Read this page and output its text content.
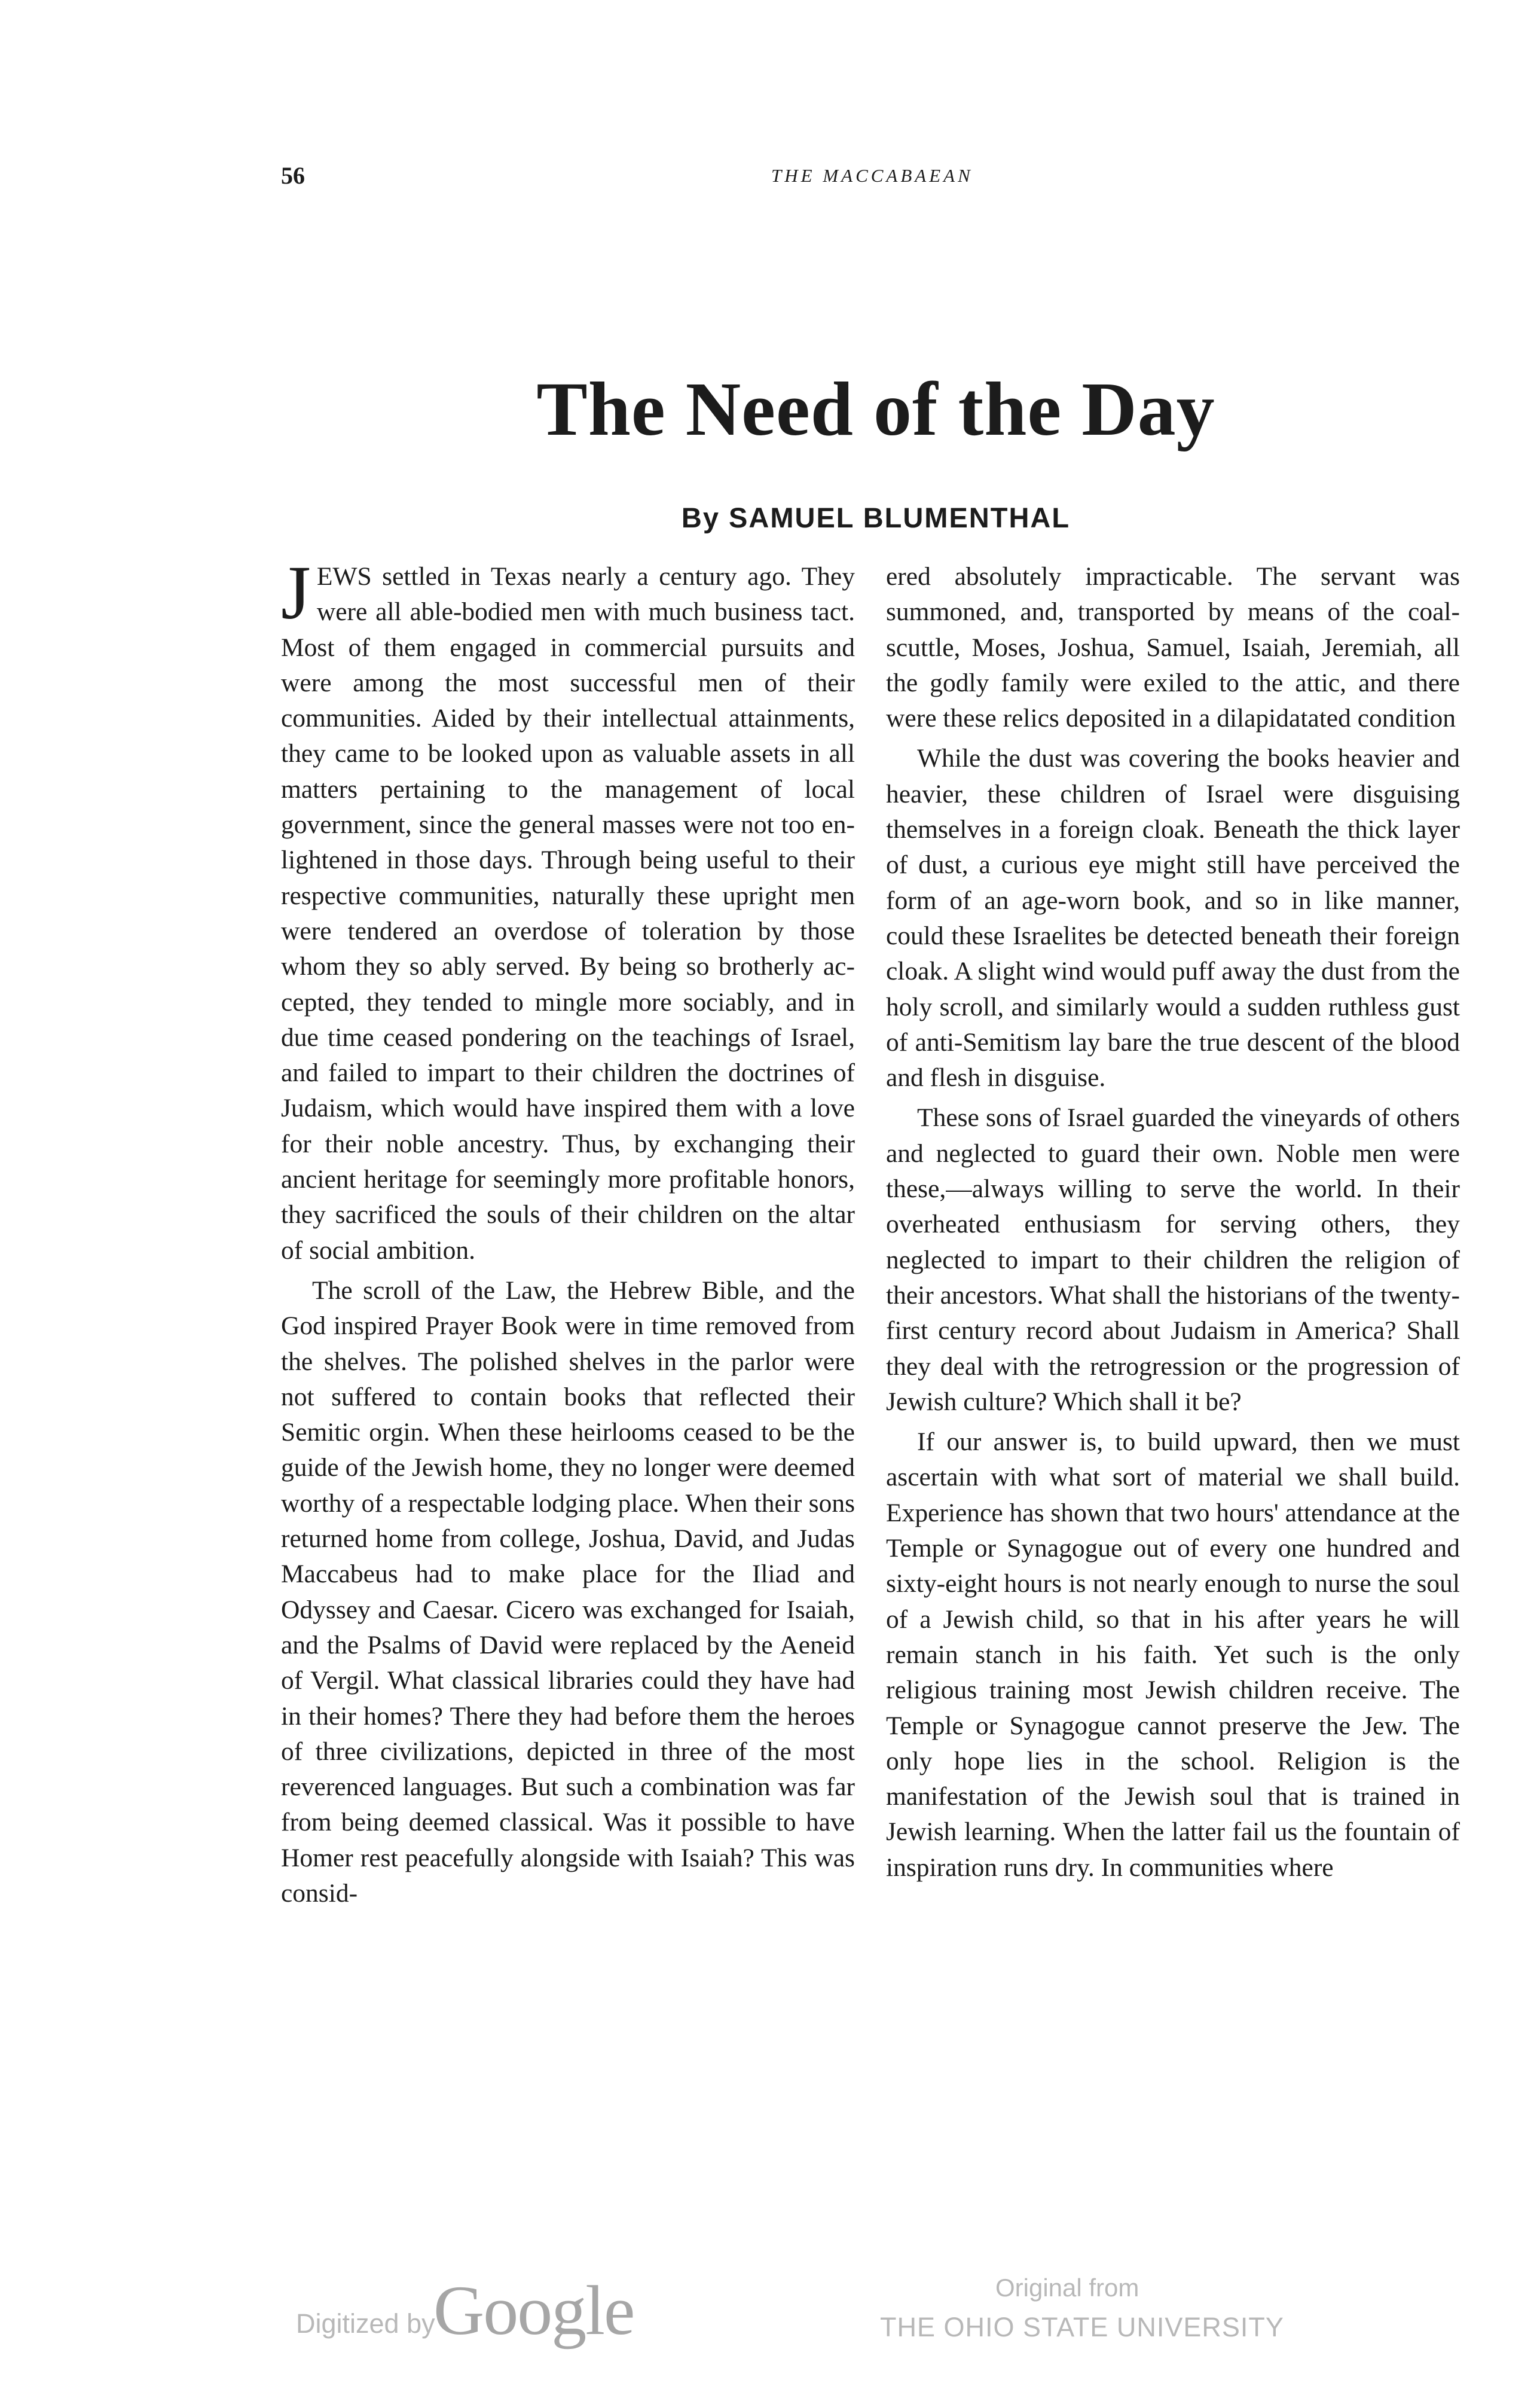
56	THE MACCABAEAN
The Need of the Day
By SAMUEL BLUMENTHAL

JEWS settled in Texas nearly a century ago. They were all able-bodied men with much business tact. Most of them engaged in commercial pursuits and were among the most successful men of their communities. Aided by their intellectual attainments, they came to be looked upon as valuable assets in all matters pertaining to the management of local government, since the general masses were not too enlightened in those days. Through being useful to their respective communities, naturally these upright men were tendered an overdose of toleration by those whom they so ably served. By being so brotherly accepted, they tended to mingle more sociably, and in due time ceased pondering on the teachings of Israel, and failed to impart to their children the doctrines of Judaism, which would have inspired them with a love for their noble ancestry. Thus, by exchanging their ancient heritage for seemingly more profitable honors, they sacrificed the souls of their children on the altar of social ambition.

The scroll of the Law, the Hebrew Bible, and the God inspired Prayer Book were in time removed from the shelves. The polished shelves in the parlor were not suffered to contain books that reflected their Semitic orgin. When these heirlooms ceased to be the guide of the Jewish home, they no longer were deemed worthy of a respectable lodging place. When their sons returned home from college, Joshua, David, and Judas Maccabeus had to make place for the Iliad and Odyssey and Caesar. Cicero was exchanged for Isaiah, and the Psalms of David were replaced by the Aeneid of Vergil. What classical libraries could they have had in their homes? There they had before them the heroes of three civilizations, depicted in three of the most reverenced languages. But such a combination was far from being deemed classical. Was it possible to have Homer rest peacefully alongside with Isaiah? This was consid-

ered absolutely impracticable. The servant was summoned, and, transported by means of the coal-scuttle, Moses, Joshua, Samuel, Isaiah, Jeremiah, all the godly family were exiled to the attic, and there were these relics deposited in a dilapidatated condition

While the dust was covering the books heavier and heavier, these children of Israel were disguising themselves in a foreign cloak. Beneath the thick layer of dust, a curious eye might still have perceived the form of an age-worn book, and so in like manner, could these Israelites be detected beneath their foreign cloak. A slight wind would puff away the dust from the holy scroll, and similarly would a sudden ruthless gust of anti-Semitism lay bare the true descent of the blood and flesh in disguise.

These sons of Israel guarded the vineyards of others and neglected to guard their own. Noble men were these,—always willing to serve the world. In their overheated enthusiasm for serving others, they neglected to impart to their children the religion of their ancestors. What shall the historians of the twenty-first century record about Judaism in America? Shall they deal with the retrogression or the progression of Jewish culture? Which shall it be?

If our answer is, to build upward, then we must ascertain with what sort of material we shall build. Experience has shown that two hours' attendance at the Temple or Synagogue out of every one hundred and sixty-eight hours is not nearly enough to nurse the soul of a Jewish child, so that in his after years he will remain stanch in his faith. Yet such is the only religious training most Jewish children receive. The Temple or Synagogue cannot preserve the Jew. The only hope lies in the school. Religion is the manifestation of the Jewish soul that is trained in Jewish learning. When the latter fail us the fountain of inspiration runs dry. In communities where

Digitized by
Google	Original from
THE OHIO STATE UNIVERSITY
